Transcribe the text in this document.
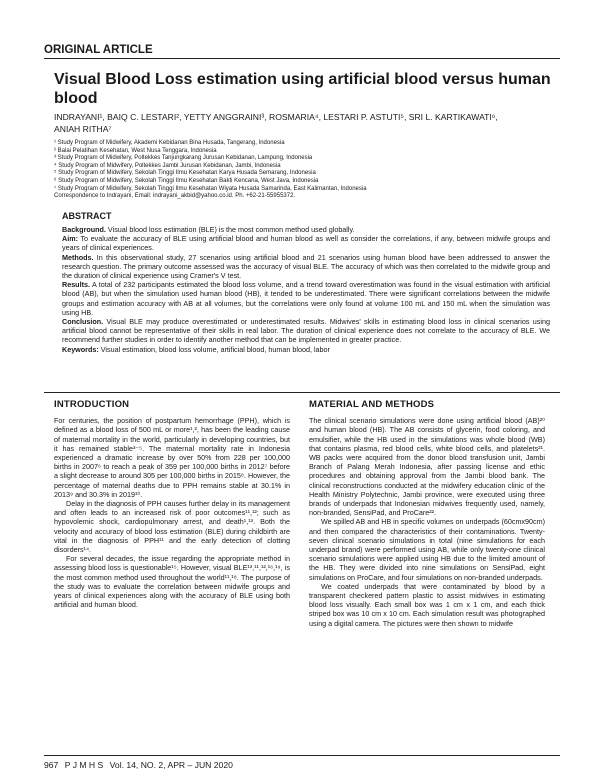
ORIGINAL ARTICLE
Visual Blood Loss estimation using artificial blood versus human blood
INDRAYANI¹, BAIQ C. LESTARI², YETTY ANGGRAINI³, ROSMARIA⁴, LESTARI P. ASTUTI⁵, SRI L. KARTIKAWATI⁶, ANIAH RITHA⁷
¹ Study Program of Midwifery, Akademi Kebidanan Bina Husada, Tangerang, Indonesia
² Balai Pelatihan Kesehatan, West Nusa Tenggara, Indonesia
³ Study Program of Midwifery, Poltekkes Tanjungkarang Jurusan Kebidanan, Lampung, Indonesia
⁴ Study Program of Midwifery, Poltekkes Jambi Jurusan Kebidanan, Jambi, Indonesia
⁵ Study Program of Midwifery, Sekolah Tinggi Ilmu Kesehatan Karya Husada Semarang, Indonesia
⁶ Study Program of Midwifery, Sekolah Tinggi Ilmu Kesehatan Bakti Kencana, West Java, Indonesia
⁷ Study Program of Midwifery, Sekolah Tinggi Ilmu Kesehatan Wiyata Husada Samarinda, East Kalimantan, Indonesia
Correspondence to Indrayani, Email: indrayani_akbid@yahoo.co.id. Ph. +62-21-55955372.
ABSTRACT

Background. Visual blood loss estimation (BLE) is the most common method used globally.

Aim: To evaluate the accuracy of BLE using artificial blood and human blood as well as consider the correlations, if any, between midwife groups and years of clinical experiences.

Methods. In this observational study, 27 scenarios using artificial blood and 21 scenarios using human blood have been addressed to answer the research question. The primary outcome assessed was the accuracy of visual BLE. The accuracy of which was then correlated to the midwife group and the duration of clinical experience using Cramer's V test.

Results. A total of 232 participants estimated the blood loss volume, and a trend toward overestimation was found in the visual estimation with artificial blood (AB), but when the simulation used human blood (HB), it tended to be underestimated. There were significant correlations between the midwife groups and estimation accuracy with AB at all volumes, but the correlations were only found at volume 100 mL and 150 mL when the simulation was using HB.

Conclusion. Visual BLE may produce overestimated or underestimated results. Midwives' skills in estimating blood loss in clinical scenarios using artificial blood cannot be representative of their skills in real labor. The duration of clinical experience does not correlate to the accuracy of BLE. We recommend further studies in order to identify another method that can be implemented in greater practice.

Keywords: Visual estimation, blood loss volume, artificial blood, human blood, labor

INTRODUCTION

For centuries, the position of postpartum hemorrhage (PPH), which is defined as a blood loss of 500 mL or more¹,², has been the leading cause of maternal mortality in the world, particularly in developing countries, but it has remained stable³⁻⁵. The maternal mortality rate in Indonesia experienced a dramatic increase by over 50% from 228 per 100,000 births in 2007⁶ to reach a peak of 359 per 100,000 births in 2012⁷ before a slight decrease to around 305 per 100,000 births in 2015⁸. However, the percentage of maternal deaths due to PPH remains stable at 30.1% in 2013⁹ and 30.3% in 2019¹⁰.

Delay in the diagnosis of PPH causes further delay in its management and often leads to an increased risk of poor outcomes¹¹,¹²; such as hypovolemic shock, cardiopulmonary arrest, and death¹,¹³. Both the velocity and accuracy of blood loss estimation (BLE) during childbirth are vital in the diagnosis of PPH¹¹ and the early detection of clotting disorders¹⁴.

For several decades, the issue regarding the appropriate method in assessing blood loss is questionable¹⁵. However, visual BLE¹³,¹¹,¹²,¹⁶,¹⁹, is the most common method used throughout the world¹¹,¹⁸. The purpose of the study was to evaluate the correlation between midwife groups and years of clinical experiences along with the accuracy of BLE using both artificial and human blood.

MATERIAL AND METHODS

The clinical scenario simulations were done using artificial blood (AB)²⁰ and human blood (HB). The AB consists of glycerin, food coloring, and emulsifier, while the HB used in the simulations was whole blood (WB) that contains plasma, red blood cells, white blood cells, and platelets²¹. WB packs were acquired from the donor blood transfusion unit, Jambi Branch of Palang Merah Indonesia, after passing license and ethic procedures and obtaining approval from the Jambi blood bank. The clinical reconstructions conducted at the midwifery education clinic of the Health Ministry Polytechnic, Jambi province, were executed using three brands of underpads that Indonesian midwives frequently used, namely, non-branded, SensiPad, and ProCare²².

We spilled AB and HB in specific volumes on underpads (60cmx90cm) and then compared the characteristics of their contaminations. Twenty-seven clinical scenario simulations in total (nine simulations for each underpad brand) were performed using AB, while only twenty-one clinical scenario simulations were applied using HB due to the limited amount of the HB. They were divided into nine simulations on SensiPad, eight simulations on ProCare, and four simulations on non-branded underpads.

We coated underpads that were contaminated by blood by a transparent checkered pattern plastic to assist midwives in estimating blood loss visually. Each small box was 1 cm x 1 cm, and each thick striped box was 10 cm x 10 cm. Each simulation result was photographed using a digital camera. The pictures were then shown to midwife

967 P J M H S Vol. 14, NO. 2, APR – JUN 2020
